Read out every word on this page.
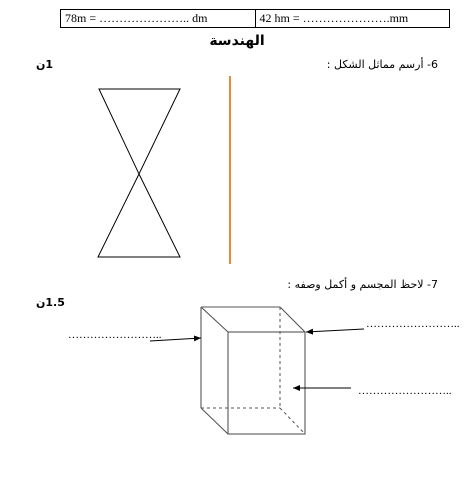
78m = ………………….. dm	42 hm = ………………….mm
الهندسة
6- أرسم مماثل الشكل :
1ن
7- لاحظ المجسم و أكمل وصفه :
1.5ن
……………………..
……………………..
……………………..
